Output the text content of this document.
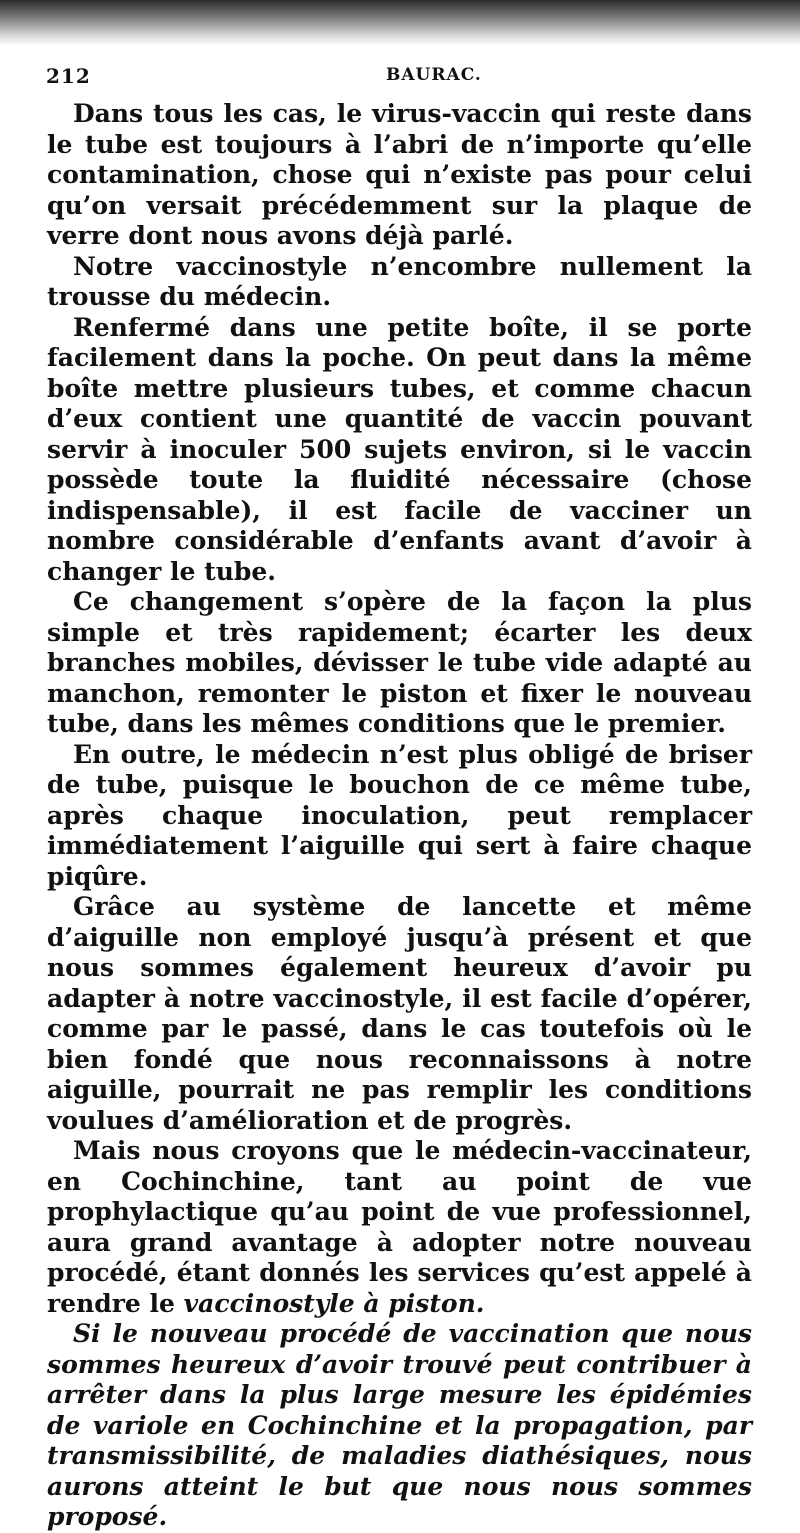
212	BAURAC.

Dans tous les cas, le virus-vaccin qui reste dans le tube est toujours à l’abri de n’importe qu’elle contamination, chose qui n’existe pas pour celui qu’on versait précédemment sur la plaque de verre dont nous avons déjà parlé.

Notre vaccinostyle n’encombre nullement la trousse du médecin.

Renfermé dans une petite boîte, il se porte facilement dans la poche. On peut dans la même boîte mettre plusieurs tubes, et comme chacun d’eux contient une quantité de vaccin pouvant servir à inoculer 500 sujets environ, si le vaccin possède toute la fluidité nécessaire (chose indispensable), il est facile de vacciner un nombre considérable d’enfants avant d’avoir à changer le tube.

Ce changement s’opère de la façon la plus simple et très rapidement; écarter les deux branches mobiles, dévisser le tube vide adapté au manchon, remonter le piston et fixer le nouveau tube, dans les mêmes conditions que le premier.

En outre, le médecin n’est plus obligé de briser de tube, puisque le bouchon de ce même tube, après chaque inoculation, peut remplacer immédiatement l’aiguille qui sert à faire chaque piqûre.

Grâce au système de lancette et même d’aiguille non employé jusqu’à présent et que nous sommes également heureux d’avoir pu adapter à notre vaccinostyle, il est facile d’opérer, comme par le passé, dans le cas toutefois où le bien fondé que nous reconnaissons à notre aiguille, pourrait ne pas remplir les conditions voulues d’amélioration et de progrès.

Mais nous croyons que le médecin-vaccinateur, en Cochinchine, tant au point de vue prophylactique qu’au point de vue professionnel, aura grand avantage à adopter notre nouveau procédé, étant donnés les services qu’est appelé à rendre le vaccinostyle à piston.

Si le nouveau procédé de vaccination que nous sommes heureux d’avoir trouvé peut contribuer à arrêter dans la plus large mesure les épidémies de variole en Cochinchine et la propagation, par transmissibilité, de maladies diathésiques, nous aurons atteint le but que nous nous sommes proposé.
